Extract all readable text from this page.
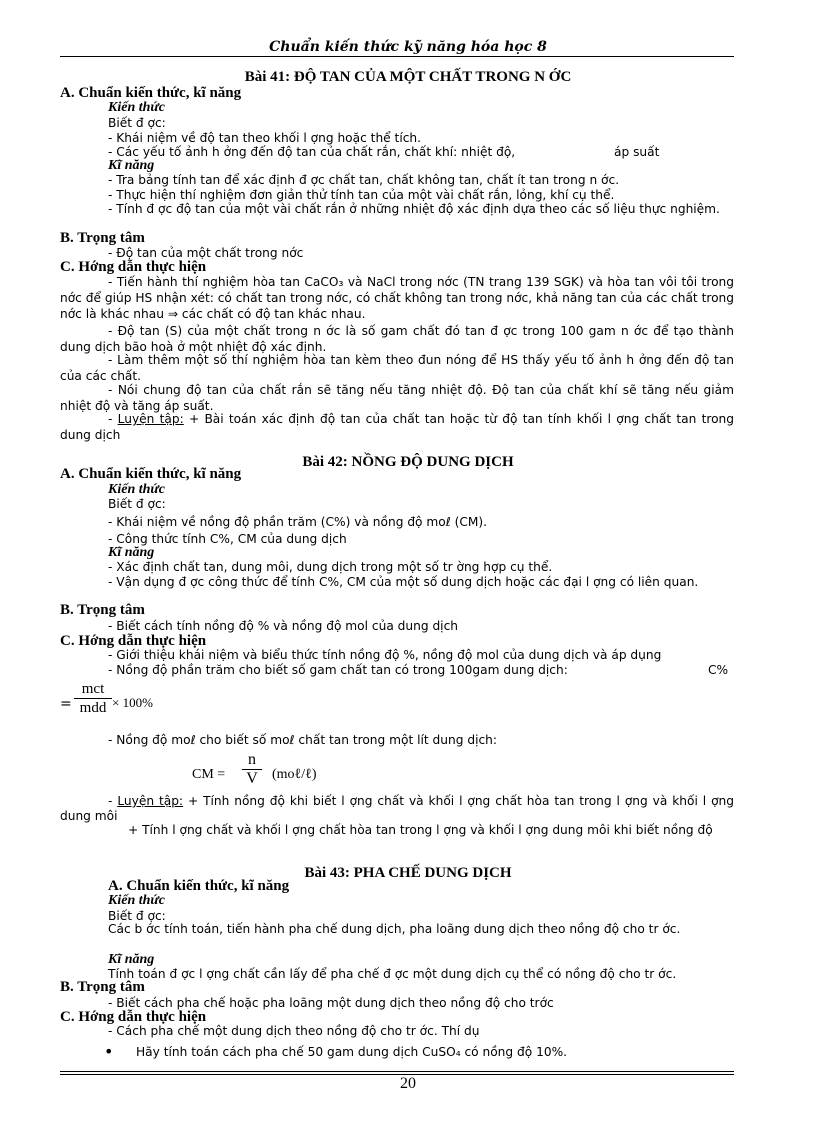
Chuẩn kiến thức kỹ năng hóa học 8
Bài 41: ĐỘ TAN CỦA MỘT CHẤT TRONG N ỚC
A. Chuẩn kiến thức, kĩ năng
Kiến thức
Biết đ ợc:
- Khái niệm về độ tan theo khối l ợng hoặc thể tích.
- Các yếu tố ảnh h ởng đến độ tan của chất rắn, chất khí: nhiệt độ,	áp suất
Kĩ năng
- Tra bảng tính tan để xác định đ ợc chất tan, chất không tan, chất ít tan trong n ớc.
- Thực hiện thí nghiệm đơn giản thử tính tan của một vài chất rắn, lỏng, khí cụ thể.
- Tính đ ợc độ tan của một vài chất rắn ở những nhiệt độ xác định dựa theo các số liệu thực nghiệm.
B. Trọng tâm
- Độ tan của một chất trong nớc
C. Hớng dẫn thực hiện
- Tiến hành thí nghiệm hòa tan CaCO₃ và NaCl trong nớc (TN trang 139 SGK) và hòa tan vôi tôi trong nớc để giúp HS nhận xét: có chất tan trong nớc, có chất không tan trong nớc, khả năng tan của các chất trong nớc là khác nhau ⇒ các chất có độ tan khác nhau.
- Độ tan (S) của một chất trong n ớc là số gam chất đó tan đ ợc trong 100 gam n ớc để tạo thành dung dịch bão hoà ở một nhiệt độ xác định.
- Làm thêm một số thí nghiệm hòa tan kèm theo đun nóng để HS thấy yếu tố ảnh h ởng đến độ tan của các chất.
- Nói chung độ tan của chất rắn sẽ tăng nếu tăng nhiệt độ. Độ tan của chất khí sẽ tăng nếu giảm nhiệt độ và tăng áp suất.
- Luyện tập: + Bài toán xác định độ tan của chất tan hoặc từ độ tan tính khối l ợng chất tan trong dung dịch
Bài 42: NỒNG ĐỘ DUNG DỊCH
A. Chuẩn kiến thức, kĩ năng
Kiến thức
Biết đ ợc:
- Khái niệm về nồng độ phần trăm (C%) và nồng độ moℓ (CM).
- Công thức tính C%, CM của dung dịch
Kĩ năng
- Xác định chất tan, dung môi, dung dịch trong một số tr ờng hợp cụ thể.
- Vận dụng đ ợc công thức để tính C%, CM của một số dung dịch hoặc các đại l ợng có liên quan.
B. Trọng tâm
- Biết cách tính nồng độ % và nồng độ mol của dung dịch
C. Hớng dẫn thực hiện
- Giới thiệu khái niệm và biểu thức tính nồng độ %, nồng độ mol của dung dịch và áp dụng
- Nồng độ phần trăm cho biết số gam chất tan có trong 100gam dung dịch:	C%
=
mct
mdd × 100%
- Nồng độ moℓ cho biết số moℓ chất tan trong một lít dung dịch:
CM = $\frac{n}{V}$ (moℓ/ℓ)
- Luyện tập: + Tính nồng độ khi biết l ợng chất và khối l ợng chất hòa tan trong l ợng và khối l ợng dung môi
+ Tính l ợng chất và khối l ợng chất hòa tan trong l ợng và khối l ợng dung môi khi biết nồng độ
Bài 43: PHA CHẾ DUNG DỊCH
A. Chuẩn kiến thức, kĩ năng
Kiến thức
Biết đ ợc:
Các b ớc tính toán, tiến hành pha chế dung dịch, pha loãng dung dịch theo nồng độ cho tr ớc.
Kĩ năng
Tính toán đ ợc l ợng chất cần lấy để pha chế đ ợc một dung dịch cụ thể có nồng độ cho tr ớc.
B. Trọng tâm
- Biết cách pha chế hoặc pha loãng một dung dịch theo nồng độ cho trớc
C. Hớng dẫn thực hiện
- Cách pha chế một dung dịch theo nồng độ cho tr ớc. Thí dụ
• Hãy tính toán cách pha chế 50 gam dung dịch CuSO₄ có nồng độ 10%.
20
